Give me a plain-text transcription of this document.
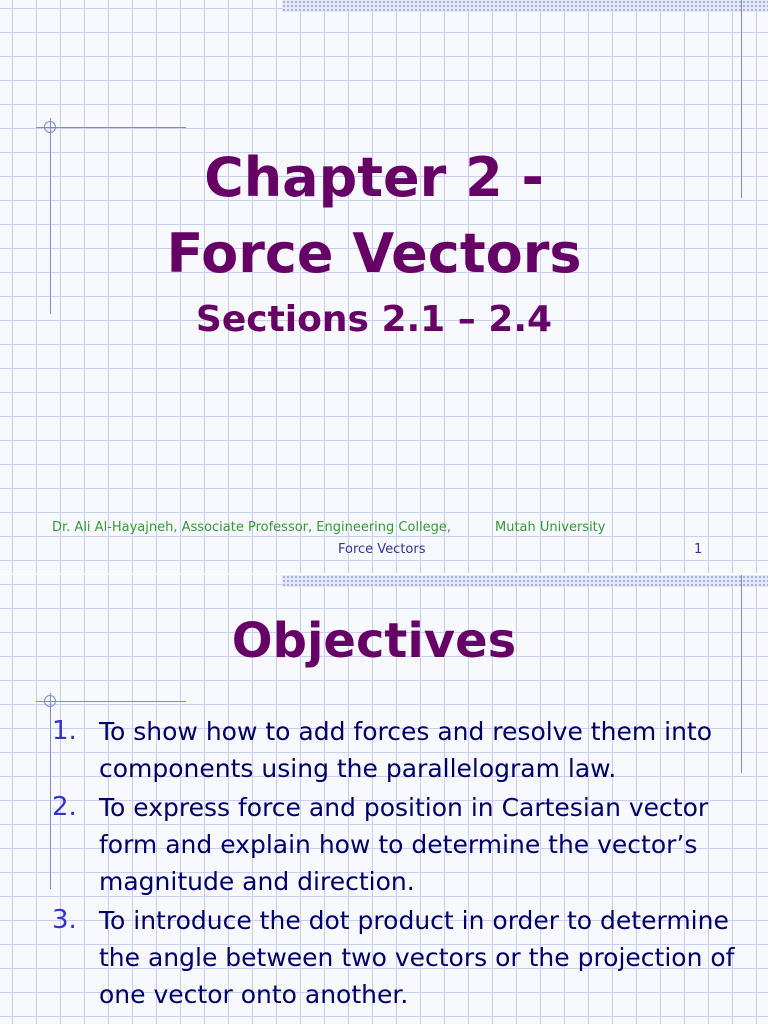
Chapter 2 -
Force Vectors
Sections 2.1 – 2.4
Dr. Ali Al-Hayajneh, Associate Professor, Engineering College,	Mutah University
Force Vectors	1
Objectives
1. To show how to add forces and resolve them into components using the parallelogram law.
2. To express force and position in Cartesian vector form and explain how to determine the vector’s magnitude and direction.
3. To introduce the dot product in order to determine the angle between two vectors or the projection of one vector onto another.
